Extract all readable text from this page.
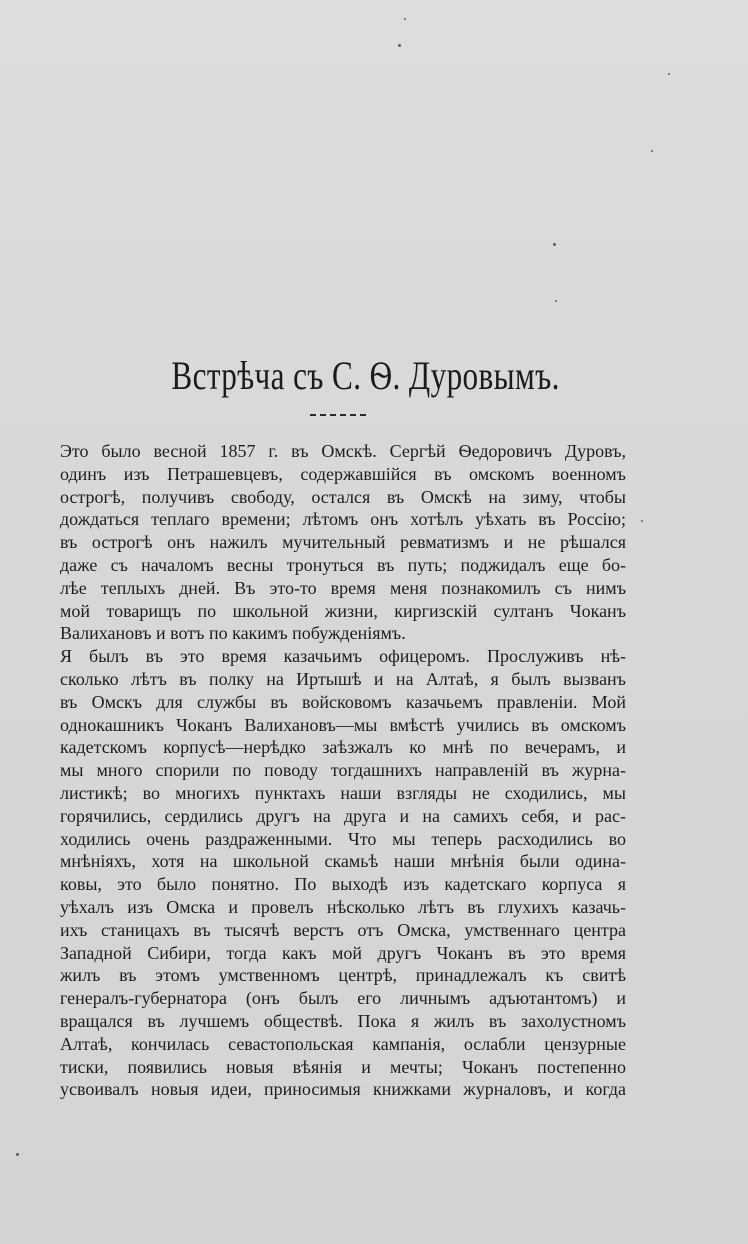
Встрѣча съ С. Ѳ. Дуровымъ.
Это было весной 1857 г. въ Омскѣ. Сергѣй Ѳедоровичъ Дуровъ,
одинъ изъ Петрашевцевъ, содержавшійся въ омскомъ военномъ
острогѣ, получивъ свободу, остался въ Омскѣ на зиму, чтобы
дождаться теплаго времени; лѣтомъ онъ хотѣлъ уѣхать въ Россію;
въ острогѣ онъ нажилъ мучительный ревматизмъ и не рѣшался
даже съ началомъ весны тронуться въ путь; поджидалъ еще бо-
лѣе теплыхъ дней. Въ это-то время меня познакомилъ съ нимъ
мой товарищъ по школьной жизни, киргизскій султанъ Чоканъ
Валихановъ и вотъ по какимъ побужденіямъ.
Я былъ въ это время казачьимъ офицеромъ. Прослуживъ нѣ-
сколько лѣтъ въ полку на Иртышѣ и на Алтаѣ, я былъ вызванъ
въ Омскъ для службы въ войсковомъ казачьемъ правленіи. Мой
однокашникъ Чоканъ Валихановъ—мы вмѣстѣ учились въ омскомъ
кадетскомъ корпусѣ—нерѣдко заѣзжалъ ко мнѣ по вечерамъ, и
мы много спорили по поводу тогдашнихъ направленій въ журна-
листикѣ; во многихъ пунктахъ наши взгляды не сходились, мы
горячились, сердились другъ на друга и на самихъ себя, и рас-
ходились очень раздраженными. Что мы теперь расходились во
мнѣніяхъ, хотя на школьной скамьѣ наши мнѣнія были одина-
ковы, это было понятно. По выходѣ изъ кадетскаго корпуса я
уѣхалъ изъ Омска и провелъ нѣсколько лѣтъ въ глухихъ казачь-
ихъ станицахъ въ тысячѣ верстъ отъ Омска, умственнаго центра
Западной Сибири, тогда какъ мой другъ Чоканъ въ это время
жилъ въ этомъ умственномъ центрѣ, принадлежалъ къ свитѣ
генералъ-губернатора (онъ былъ его личнымъ адъютантомъ) и
вращался въ лучшемъ обществѣ. Пока я жилъ въ захолустномъ
Алтаѣ, кончилась севастопольская кампанія, ослабли цензурные
тиски, появились новыя вѣянія и мечты; Чоканъ постепенно
усвоивалъ новыя идеи, приносимыя книжками журналовъ, и когда
